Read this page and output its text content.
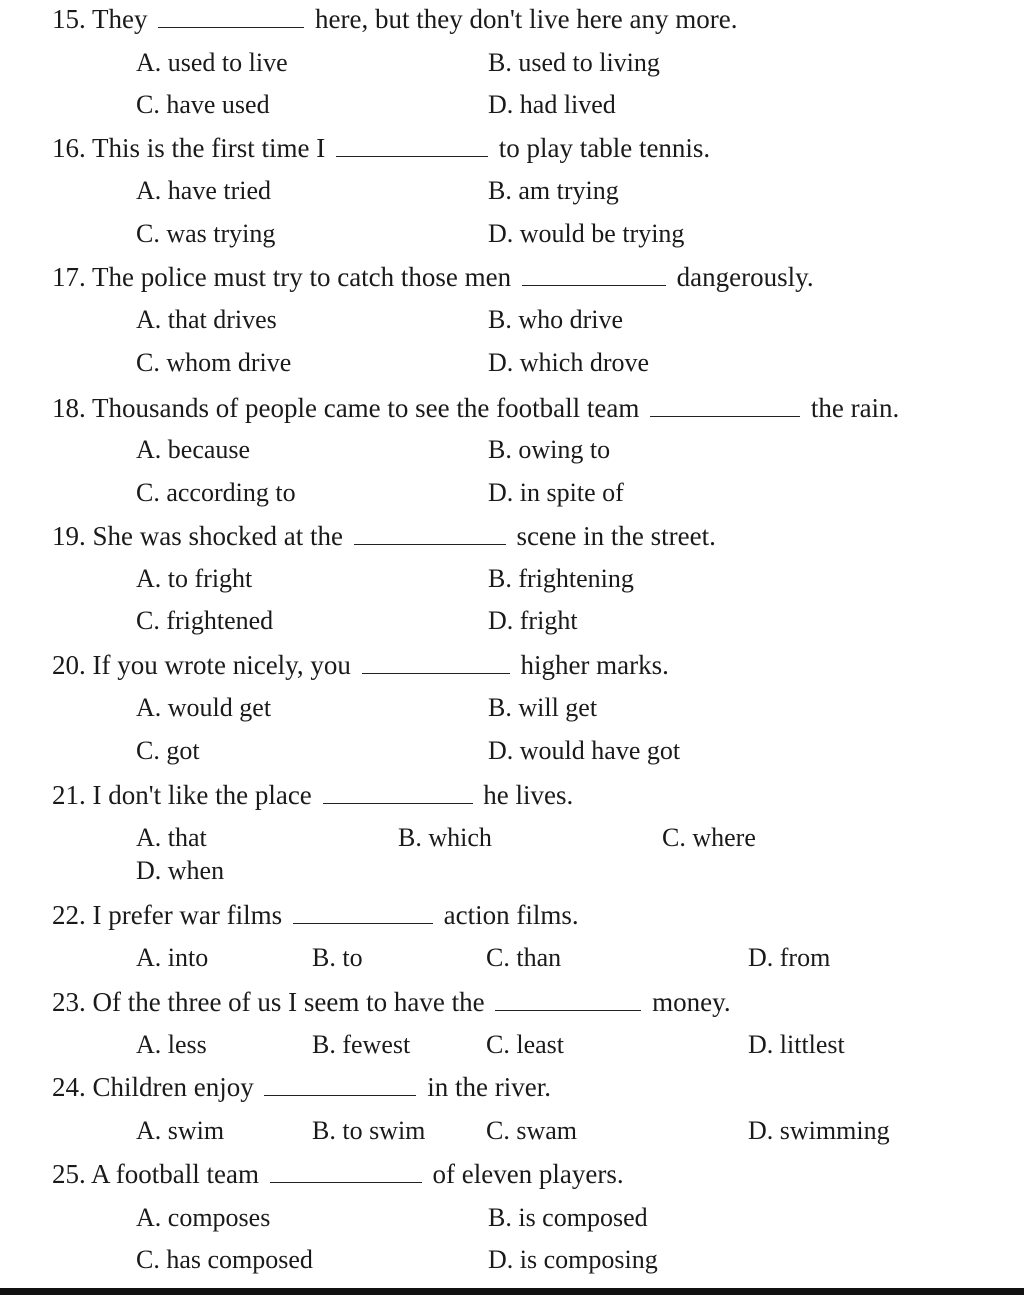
15. They	here, but they don't live here any more.
A. used to live	B. used to living
C. have used	D. had lived
16. This is the first time I	to play table tennis.
A. have tried	B. am trying
C. was trying	D. would be trying
17. The police must try to catch those men	dangerously.
A. that drives	B. who drive
C. whom drive	D. which drove
18. Thousands of people came to see the football team	the rain.
A. because	B. owing to
C. according to	D. in spite of
19. She was shocked at the	scene in the street.
A. to fright	B. frightening
C. frightened	D. fright
20. If you wrote nicely, you	higher marks.
A. would get	B. will get
C. got	D. would have got
21. I don't like the place	he lives.
A. that	B. which	C. where
D. when
22. I prefer war films	action films.
A. into	B. to	C. than	D. from
23. Of the three of us I seem to have the	money.
A. less	B. fewest	C. least	D. littlest
24. Children enjoy	in the river.
A. swim	B. to swim C. swam	D. swimming
25. A football team	of eleven players.
A. composes	B. is composed
C. has composed	D. is composing
